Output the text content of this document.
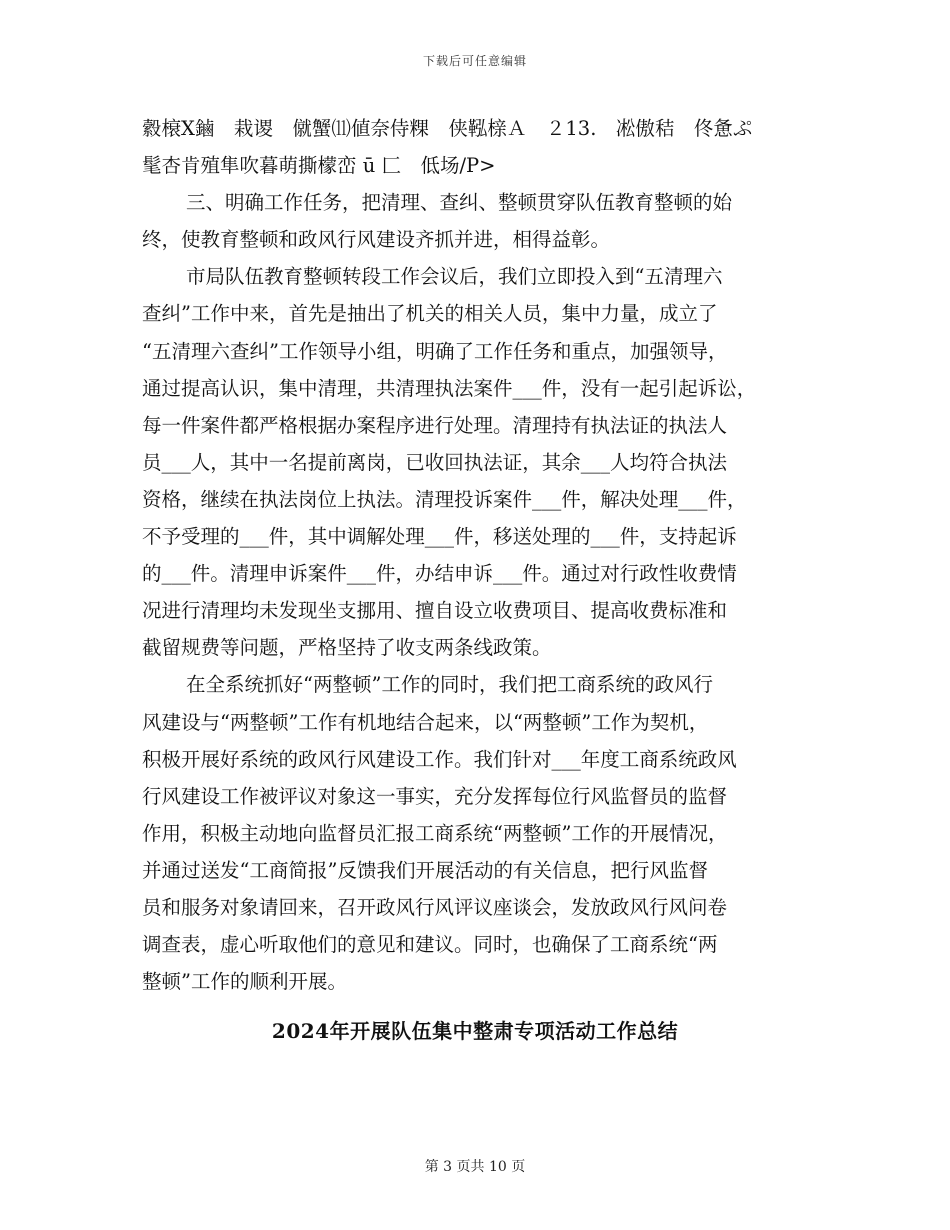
下载后可任意编辑
縠榱Ⅹ鏀　栽谡　僦蟹⑾値奈侍粿　侠鞃榇Ａ　２13.　凇傲秸　佟惫ぷ
髦杏肯殖隼吹暮萌撕檬峦 ū 匚　低场/P>
三、明确工作任务，把清理、查纠、整顿贯穿队伍教育整顿的始
终，使教育整顿和政风行风建设齐抓并进，相得益彰。
市局队伍教育整顿转段工作会议后，我们立即投入到“五清理六
查纠”工作中来，首先是抽出了机关的相关人员，集中力量，成立了
“五清理六查纠”工作领导小组，明确了工作任务和重点，加强领导，
通过提高认识，集中清理，共清理执法案件___件，没有一起引起诉讼，
每一件案件都严格根据办案程序进行处理。清理持有执法证的执法人
员___人，其中一名提前离岗，已收回执法证，其余___人均符合执法
资格，继续在执法岗位上执法。清理投诉案件___件，解决处理___件，
不予受理的___件，其中调解处理___件，移送处理的___件，支持起诉
的___件。清理申诉案件___件，办结申诉___件。通过对行政性收费情
况进行清理均未发现坐支挪用、擅自设立收费项目、提高收费标准和
截留规费等问题，严格坚持了收支两条线政策。
在全系统抓好“两整顿”工作的同时，我们把工商系统的政风行
风建设与“两整顿”工作有机地结合起来，以“两整顿”工作为契机，
积极开展好系统的政风行风建设工作。我们针对___年度工商系统政风
行风建设工作被评议对象这一事实，充分发挥每位行风监督员的监督
作用，积极主动地向监督员汇报工商系统“两整顿”工作的开展情况，
并通过送发“工商简报”反馈我们开展活动的有关信息，把行风监督
员和服务对象请回来，召开政风行风评议座谈会，发放政风行风问卷
调查表，虚心听取他们的意见和建议。同时，也确保了工商系统“两
整顿”工作的顺利开展。
2024年开展队伍集中整肃专项活动工作总结
第 3 页共 10 页
